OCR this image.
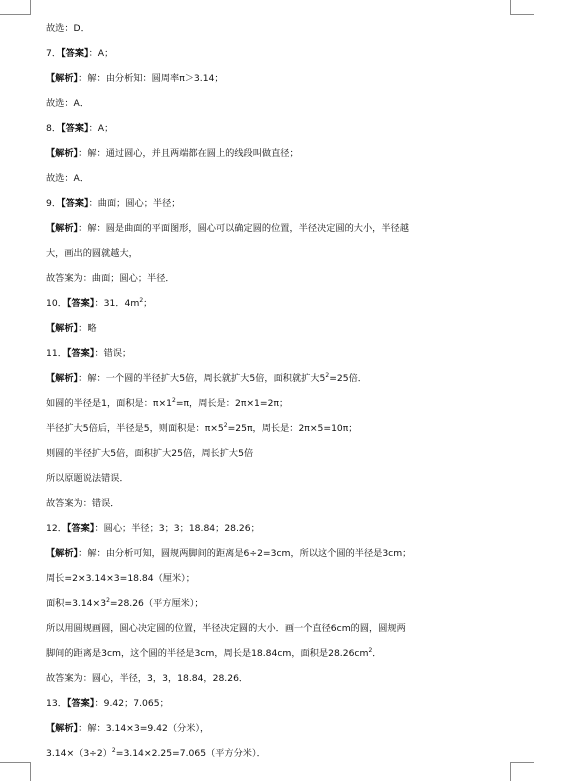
故选：D．
7．【答案】：A；
【解析】：解：由分析知：圆周率π＞3.14；
故选：A．
8．【答案】：A；
【解析】：解：通过圆心，并且两端都在圆上的线段叫做直径；
故选：A．
9．【答案】：曲面；圆心；半径；
【解析】：解：圆是曲面的平面图形，圆心可以确定圆的位置，半径决定圆的大小，半径越
大，画出的圆就越大，
故答案为：曲面；圆心；半径．
10．【答案】：31．$4m^2$；
【解析】：略
11．【答案】：错误；
【解析】：解：一个圆的半径扩大5倍，周长就扩大5倍，面积就扩大$5^2=25$倍．
如圆的半径是1，面积是：$\pi\times 1^2=\pi$，周长是：2π×1=2π；
半径扩大5倍后，半径是5，则面积是：$\pi\times 5^2=25\pi$，周长是：2π×5=10π；
则圆的半径扩大5倍，面积扩大25倍，周长扩大5倍
所以原题说法错误．
故答案为：错误．
12．【答案】：圆心；半径；3；3；18.84；28.26；
【解析】：解：由分析可知，圆规两脚间的距离是6÷2=3cm，所以这个圆的半径是3cm；
周长=2×3.14×3=18.84（厘米）；
面积$=3.14\times 3^2=28.26$（平方厘米）；
所以用圆规画圆，圆心决定圆的位置，半径决定圆的大小．画一个直径6cm的圆，圆规两
脚间的距离是3cm，这个圆的半径是3cm，周长是18.84cm，面积是$28.26cm^2$．
故答案为：圆心，半径，3，3，18.84，28.26．
13．【答案】：9.42；7.065；
【解析】：解：3.14×3=9.42（分米），
$3.14\times(3\div 2)^2=3.14\times 2.25=7.065$（平方分米）．
